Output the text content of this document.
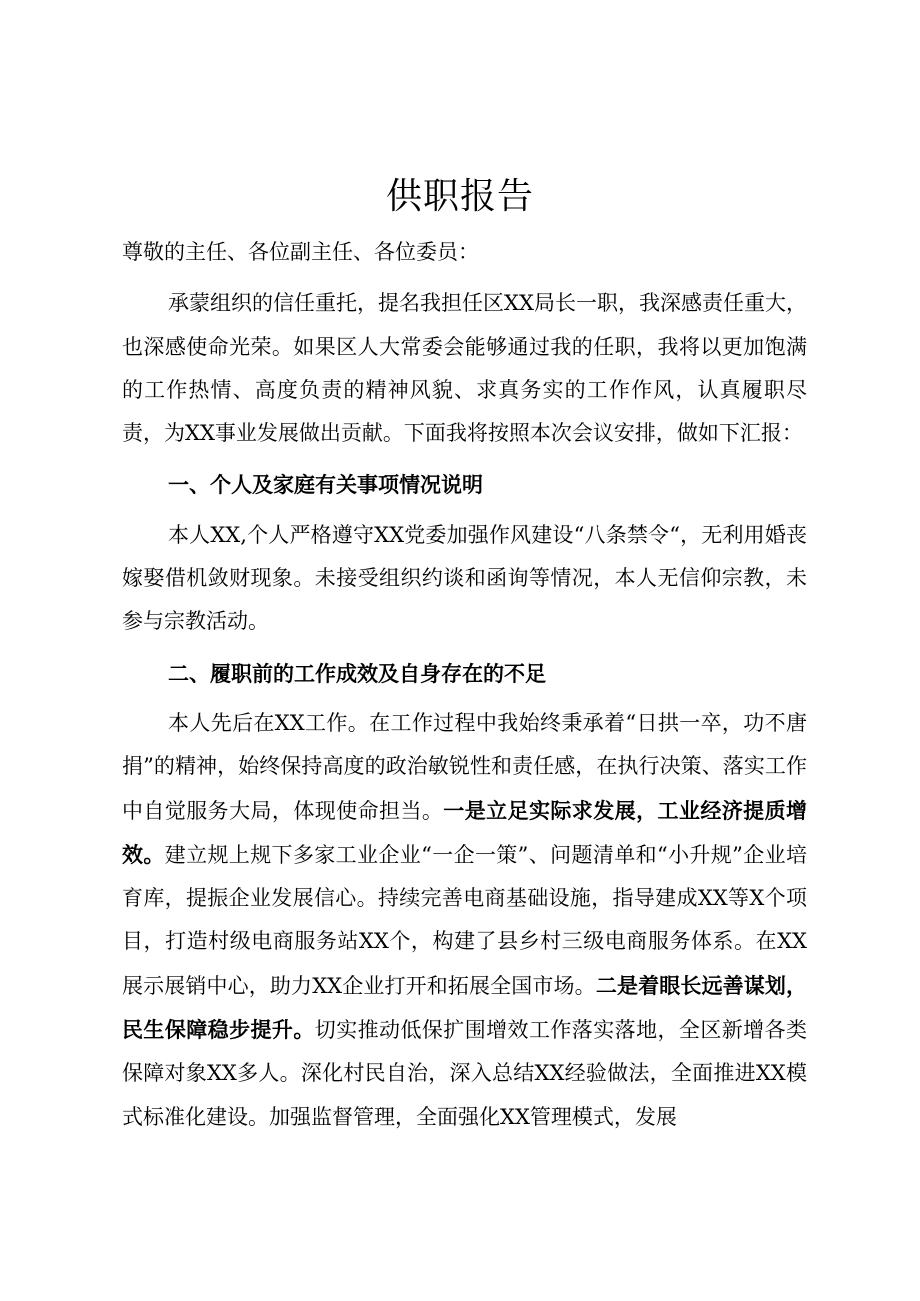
供职报告

尊敬的主任、各位副主任、各位委员：

承蒙组织的信任重托，提名我担任区XX局长一职，我深感责任重大，也深感使命光荣。如果区人大常委会能够通过我的任职，我将以更加饱满的工作热情、高度负责的精神风貌、求真务实的工作作风，认真履职尽责，为XX事业发展做出贡献。下面我将按照本次会议安排，做如下汇报：

一、个人及家庭有关事项情况说明

本人XX,个人严格遵守XX党委加强作风建设“八条禁令“，无利用婚丧嫁娶借机敛财现象。未接受组织约谈和函询等情况，本人无信仰宗教，未参与宗教活动。

二、履职前的工作成效及自身存在的不足

本人先后在XX工作。在工作过程中我始终秉承着“日拱一卒，功不唐捐”的精神，始终保持高度的政治敏锐性和责任感，在执行决策、落实工作中自觉服务大局，体现使命担当。一是立足实际求发展，工业经济提质增效。建立规上规下多家工业企业“一企一策”、问题清单和“小升规”企业培育库，提振企业发展信心。持续完善电商基础设施，指导建成XX等X个项目，打造村级电商服务站XX个，构建了县乡村三级电商服务体系。在XX展示展销中心，助力XX企业打开和拓展全国市场。二是着眼长远善谋划，民生保障稳步提升。切实推动低保扩围增效工作落实落地，全区新增各类保障对象XX多人。深化村民自治，深入总结XX经验做法，全面推进XX模式标准化建设。加强监督管理，全面强化XX管理模式，发展
